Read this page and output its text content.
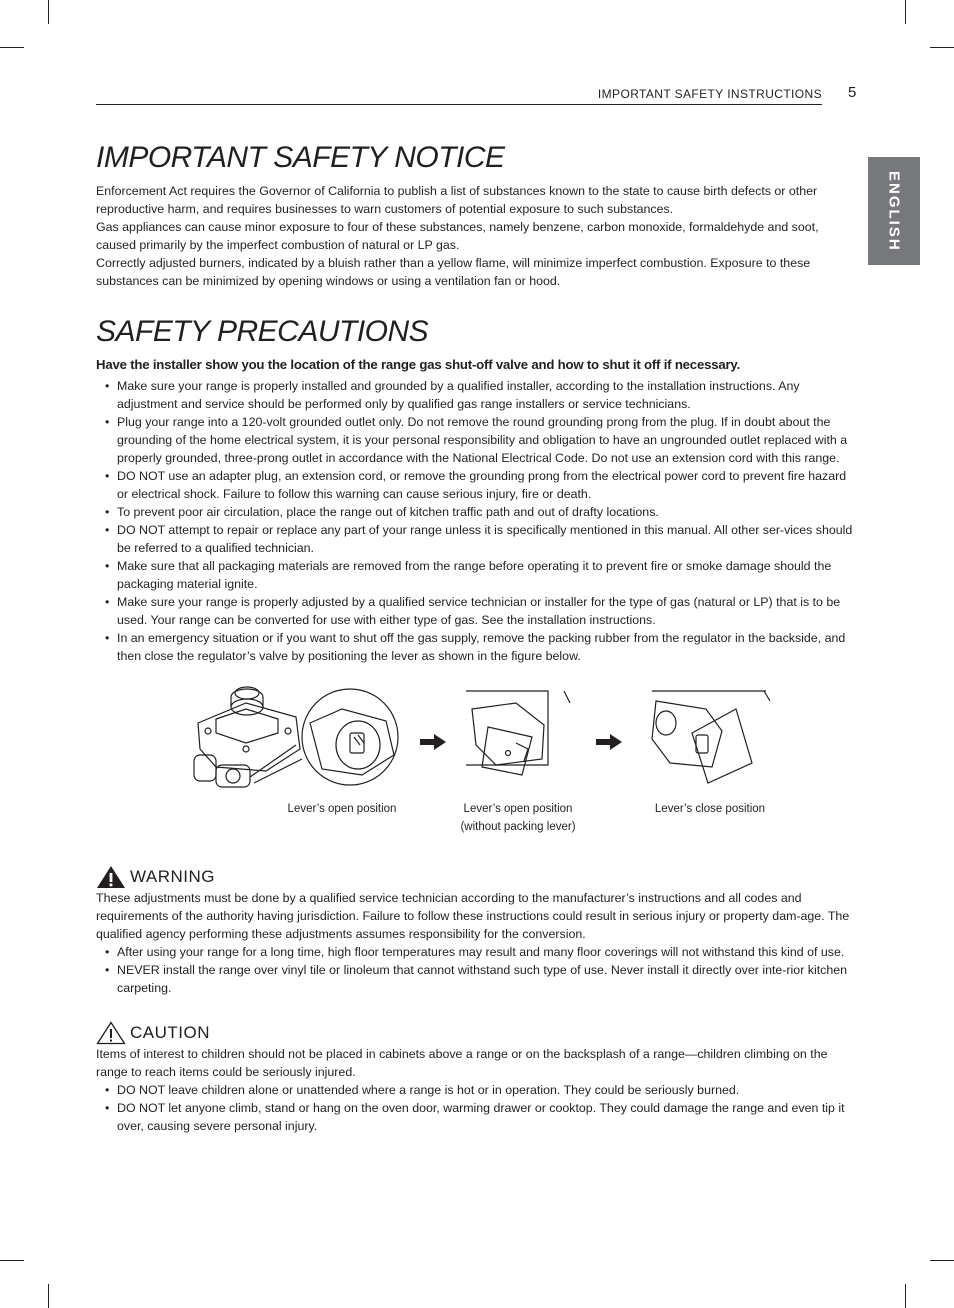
IMPORTANT SAFETY INSTRUCTIONS 5
ENGLISH
IMPORTANT SAFETY NOTICE

Enforcement Act requires the Governor of California to publish a list of substances known to the state to cause birth defects or other reproductive harm, and requires businesses to warn customers of potential exposure to such substances.

Gas appliances can cause minor exposure to four of these substances, namely benzene, carbon monoxide, formaldehyde and soot, caused primarily by the imperfect combustion of natural or LP gas.

Correctly adjusted burners, indicated by a bluish rather than a yellow flame, will minimize imperfect combustion. Exposure to these substances can be minimized by opening windows or using a ventilation fan or hood.

SAFETY PRECAUTIONS
Have the installer show you the location of the range gas shut-off valve and how to shut it off if necessary.
• Make sure your range is properly installed and grounded by a qualified installer, according to the installation instructions. Any adjustment and service should be performed only by qualified gas range installers or service technicians.
• Plug your range into a 120-volt grounded outlet only. Do not remove the round grounding prong from the plug. If in doubt about the grounding of the home electrical system, it is your personal responsibility and obligation to have an ungrounded outlet replaced with a properly grounded, three-prong outlet in accordance with the National Electrical Code. Do not use an extension cord with this range.
• DO NOT use an adapter plug, an extension cord, or remove the grounding prong from the electrical power cord to prevent fire hazard or electrical shock. Failure to follow this warning can cause serious injury, fire or death.
• To prevent poor air circulation, place the range out of kitchen traffic path and out of drafty locations.
• DO NOT attempt to repair or replace any part of your range unless it is specifically mentioned in this manual. All other ser-vices should be referred to a qualified technician.
• Make sure that all packaging materials are removed from the range before operating it to prevent fire or smoke damage should the packaging material ignite.
• Make sure your range is properly adjusted by a qualified service technician or installer for the type of gas (natural or LP) that is to be used. Your range can be converted for use with either type of gas. See the installation instructions.
• In an emergency situation or if you want to shut off the gas supply, remove the packing rubber from the regulator in the backside, and then close the regulator’s valve by positioning the lever as shown in the figure below.
Lever’s open position	Lever’s open position
(without packing lever)
Lever’s close position
WARNING

These adjustments must be done by a qualified service technician according to the manufacturer’s instructions and all codes and requirements of the authority having jurisdiction. Failure to follow these instructions could result in serious injury or property dam-age. The qualified agency performing these adjustments assumes responsibility for the conversion.

• After using your range for a long time, high floor temperatures may result and many floor coverings will not withstand this kind of use.
• NEVER install the range over vinyl tile or linoleum that cannot withstand such type of use. Never install it directly over inte-rior kitchen carpeting.
CAUTION

Items of interest to children should not be placed in cabinets above a range or on the backsplash of a range—children climbing on the range to reach items could be seriously injured.

• DO NOT leave children alone or unattended where a range is hot or in operation. They could be seriously burned.
• DO NOT let anyone climb, stand or hang on the oven door, warming drawer or cooktop. They could damage the range and even tip it over, causing severe personal injury.
